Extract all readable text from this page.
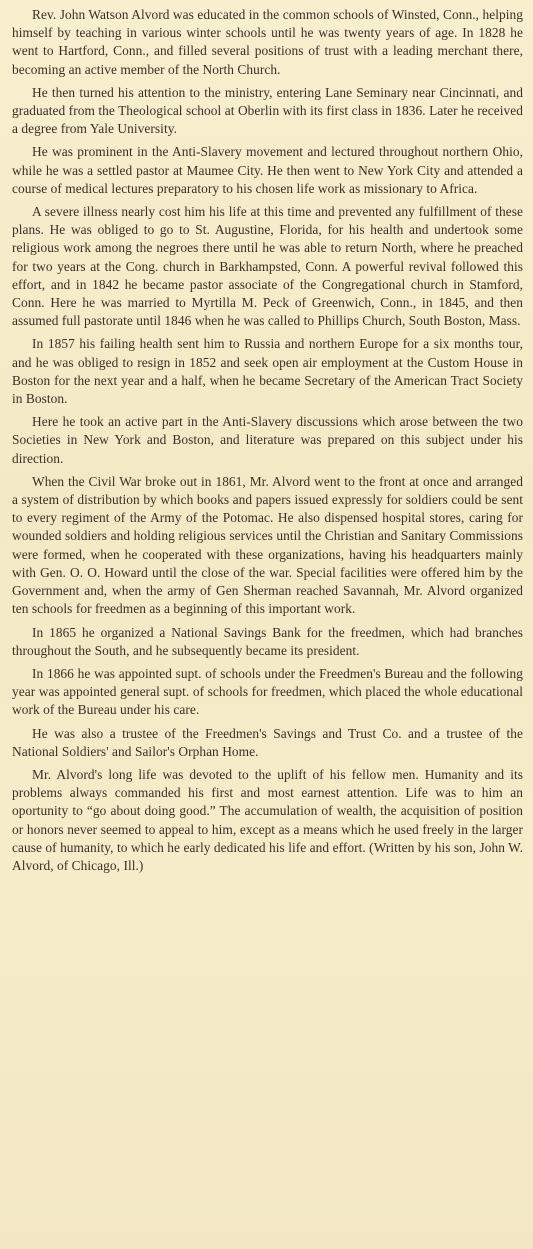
Rev. John Watson Alvord was educated in the common schools of Winsted, Conn., helping himself by teaching in various winter schools until he was twenty years of age. In 1828 he went to Hartford, Conn., and filled several positions of trust with a leading merchant there, becoming an active member of the North Church.

He then turned his attention to the ministry, entering Lane Seminary near Cincinnati, and graduated from the Theological school at Oberlin with its first class in 1836. Later he received a degree from Yale University.

He was prominent in the Anti-Slavery movement and lectured throughout northern Ohio, while he was a settled pastor at Maumee City. He then went to New York City and attended a course of medical lectures preparatory to his chosen life work as missionary to Africa.

A severe illness nearly cost him his life at this time and prevented any fulfillment of these plans. He was obliged to go to St. Augustine, Florida, for his health and undertook some religious work among the negroes there until he was able to return North, where he preached for two years at the Cong. church in Barkhampsted, Conn. A powerful revival followed this effort, and in 1842 he became pastor associate of the Congregational church in Stamford, Conn. Here he was married to Myrtilla M. Peck of Greenwich, Conn., in 1845, and then assumed full pastorate until 1846 when he was called to Phillips Church, South Boston, Mass.

In 1857 his failing health sent him to Russia and northern Europe for a six months tour, and he was obliged to resign in 1852 and seek open air employment at the Custom House in Boston for the next year and a half, when he became Secretary of the American Tract Society in Boston.

Here he took an active part in the Anti-Slavery discussions which arose between the two Societies in New York and Boston, and literature was prepared on this subject under his direction.

When the Civil War broke out in 1861, Mr. Alvord went to the front at once and arranged a system of distribution by which books and papers issued expressly for soldiers could be sent to every regiment of the Army of the Potomac. He also dispensed hospital stores, caring for wounded soldiers and holding religious services until the Christian and Sanitary Commissions were formed, when he cooperated with these organizations, having his headquarters mainly with Gen. O. O. Howard until the close of the war. Special facilities were offered him by the Government and, when the army of Gen Sherman reached Savannah, Mr. Alvord organized ten schools for freedmen as a beginning of this important work.

In 1865 he organized a National Savings Bank for the freedmen, which had branches throughout the South, and he subsequently became its president.

In 1866 he was appointed supt. of schools under the Freedmen's Bureau and the following year was appointed general supt. of schools for freedmen, which placed the whole educational work of the Bureau under his care.

He was also a trustee of the Freedmen's Savings and Trust Co. and a trustee of the National Soldiers' and Sailor's Orphan Home.

Mr. Alvord's long life was devoted to the uplift of his fellow men. Humanity and its problems always commanded his first and most earnest attention. Life was to him an oportunity to “go about doing good.” The accumulation of wealth, the acquisition of position or honors never seemed to appeal to him, except as a means which he used freely in the larger cause of humanity, to which he early dedicated his life and effort. (Written by his son, John W. Alvord, of Chicago, Ill.)
